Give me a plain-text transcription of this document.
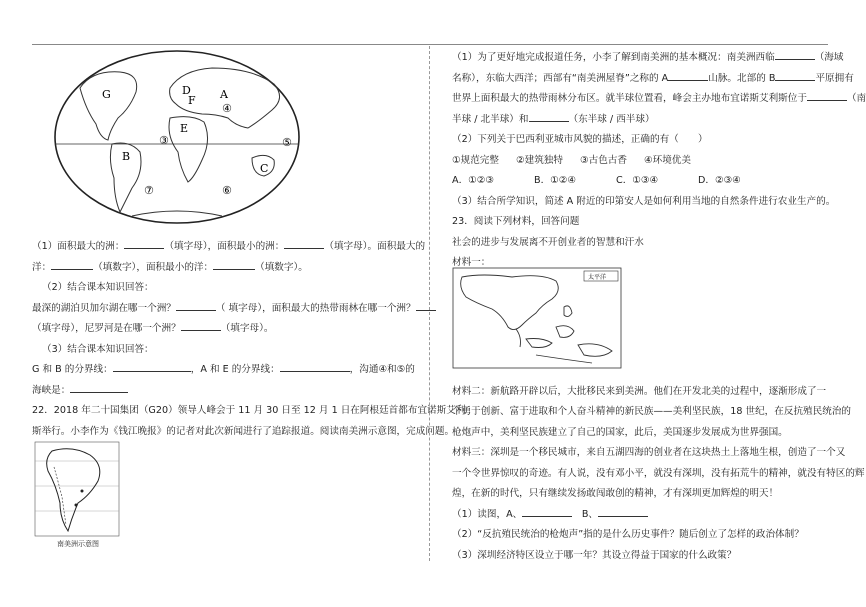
G	D	A
F
E
B
C
③
④
⑤
⑥
⑦

（1）面积最大的洲：	（填字母），面积最小的洲：	（填字母）。面积最大的

洋：	（填数字），面积最小的洋：	（填数字）。

（2）结合课本知识回答：

最深的湖泊贝加尔湖在哪一个洲？	（ 填字母），面积最大的热带雨林在哪一个洲？

（填字母），尼罗河是在哪一个洲？	（填字母）。

（3）结合课本知识回答：

G 和 B 的分界线：	，A 和 E 的分界线：	，沟通④和⑤的

海峡是：

22．2018 年二十国集团（G20）领导人峰会于 11 月 30 日至 12 月 1 日在阿根廷首都布宜诺斯艾利

斯举行。小李作为《钱江晚报》的记者对此次新闻进行了追踪报道。阅读南美洲示意图，完成问题。

南美洲示意图

（1）为了更好地完成报道任务，小李了解到南美洲的基本概况：南美洲西临	（海域

名称），东临大西洋；西部有“南美洲屋脊”之称的 A	山脉。北部的 B	平原拥有

世界上面积最大的热带雨林分布区。就半球位置看，峰会主办地布宜诺斯艾利斯位于	（南

半球 / 北半球）和	（东半球 / 西半球）

（2）下列关于巴西利亚城市风貌的描述，正确的有（　　）

①规范完整 ②建筑独特 ③古色古香 ④环境优美

A．①②③	B．①②④	C．①③④	D．②③④

（3）结合所学知识，简述 A 附近的印第安人是如何利用当地的自然条件进行农业生产的。

23．阅读下列材料，回答问题

社会的进步与发展离不开创业者的智慧和汗水

材料一：

材料二：新航路开辟以后，大批移民来到美洲。他们在开发北美的过程中，逐渐形成了一

个勇于创新、富于进取和个人奋斗精神的新民族——美利坚民族，18 世纪，在反抗殖民统治的

枪炮声中，美利坚民族建立了自己的国家，此后，美国逐步发展成为世界强国。

材料三：深圳是一个移民城市，来自五湖四海的创业者在这块热土上落地生根，创造了一个又

一个令世界惊叹的奇迹。有人说，没有邓小平，就没有深圳，没有拓荒牛的精神，就没有特区的辉

煌，在新的时代，只有继续发扬敢闯敢创的精神，才有深圳更加辉煌的明天！

（1）读图，A、	　B、

（2）“反抗殖民统治的枪炮声”指的是什么历史事件？随后创立了怎样的政治体制？

（3）深圳经济特区设立于哪一年？其设立得益于国家的什么政策？

太平洋
